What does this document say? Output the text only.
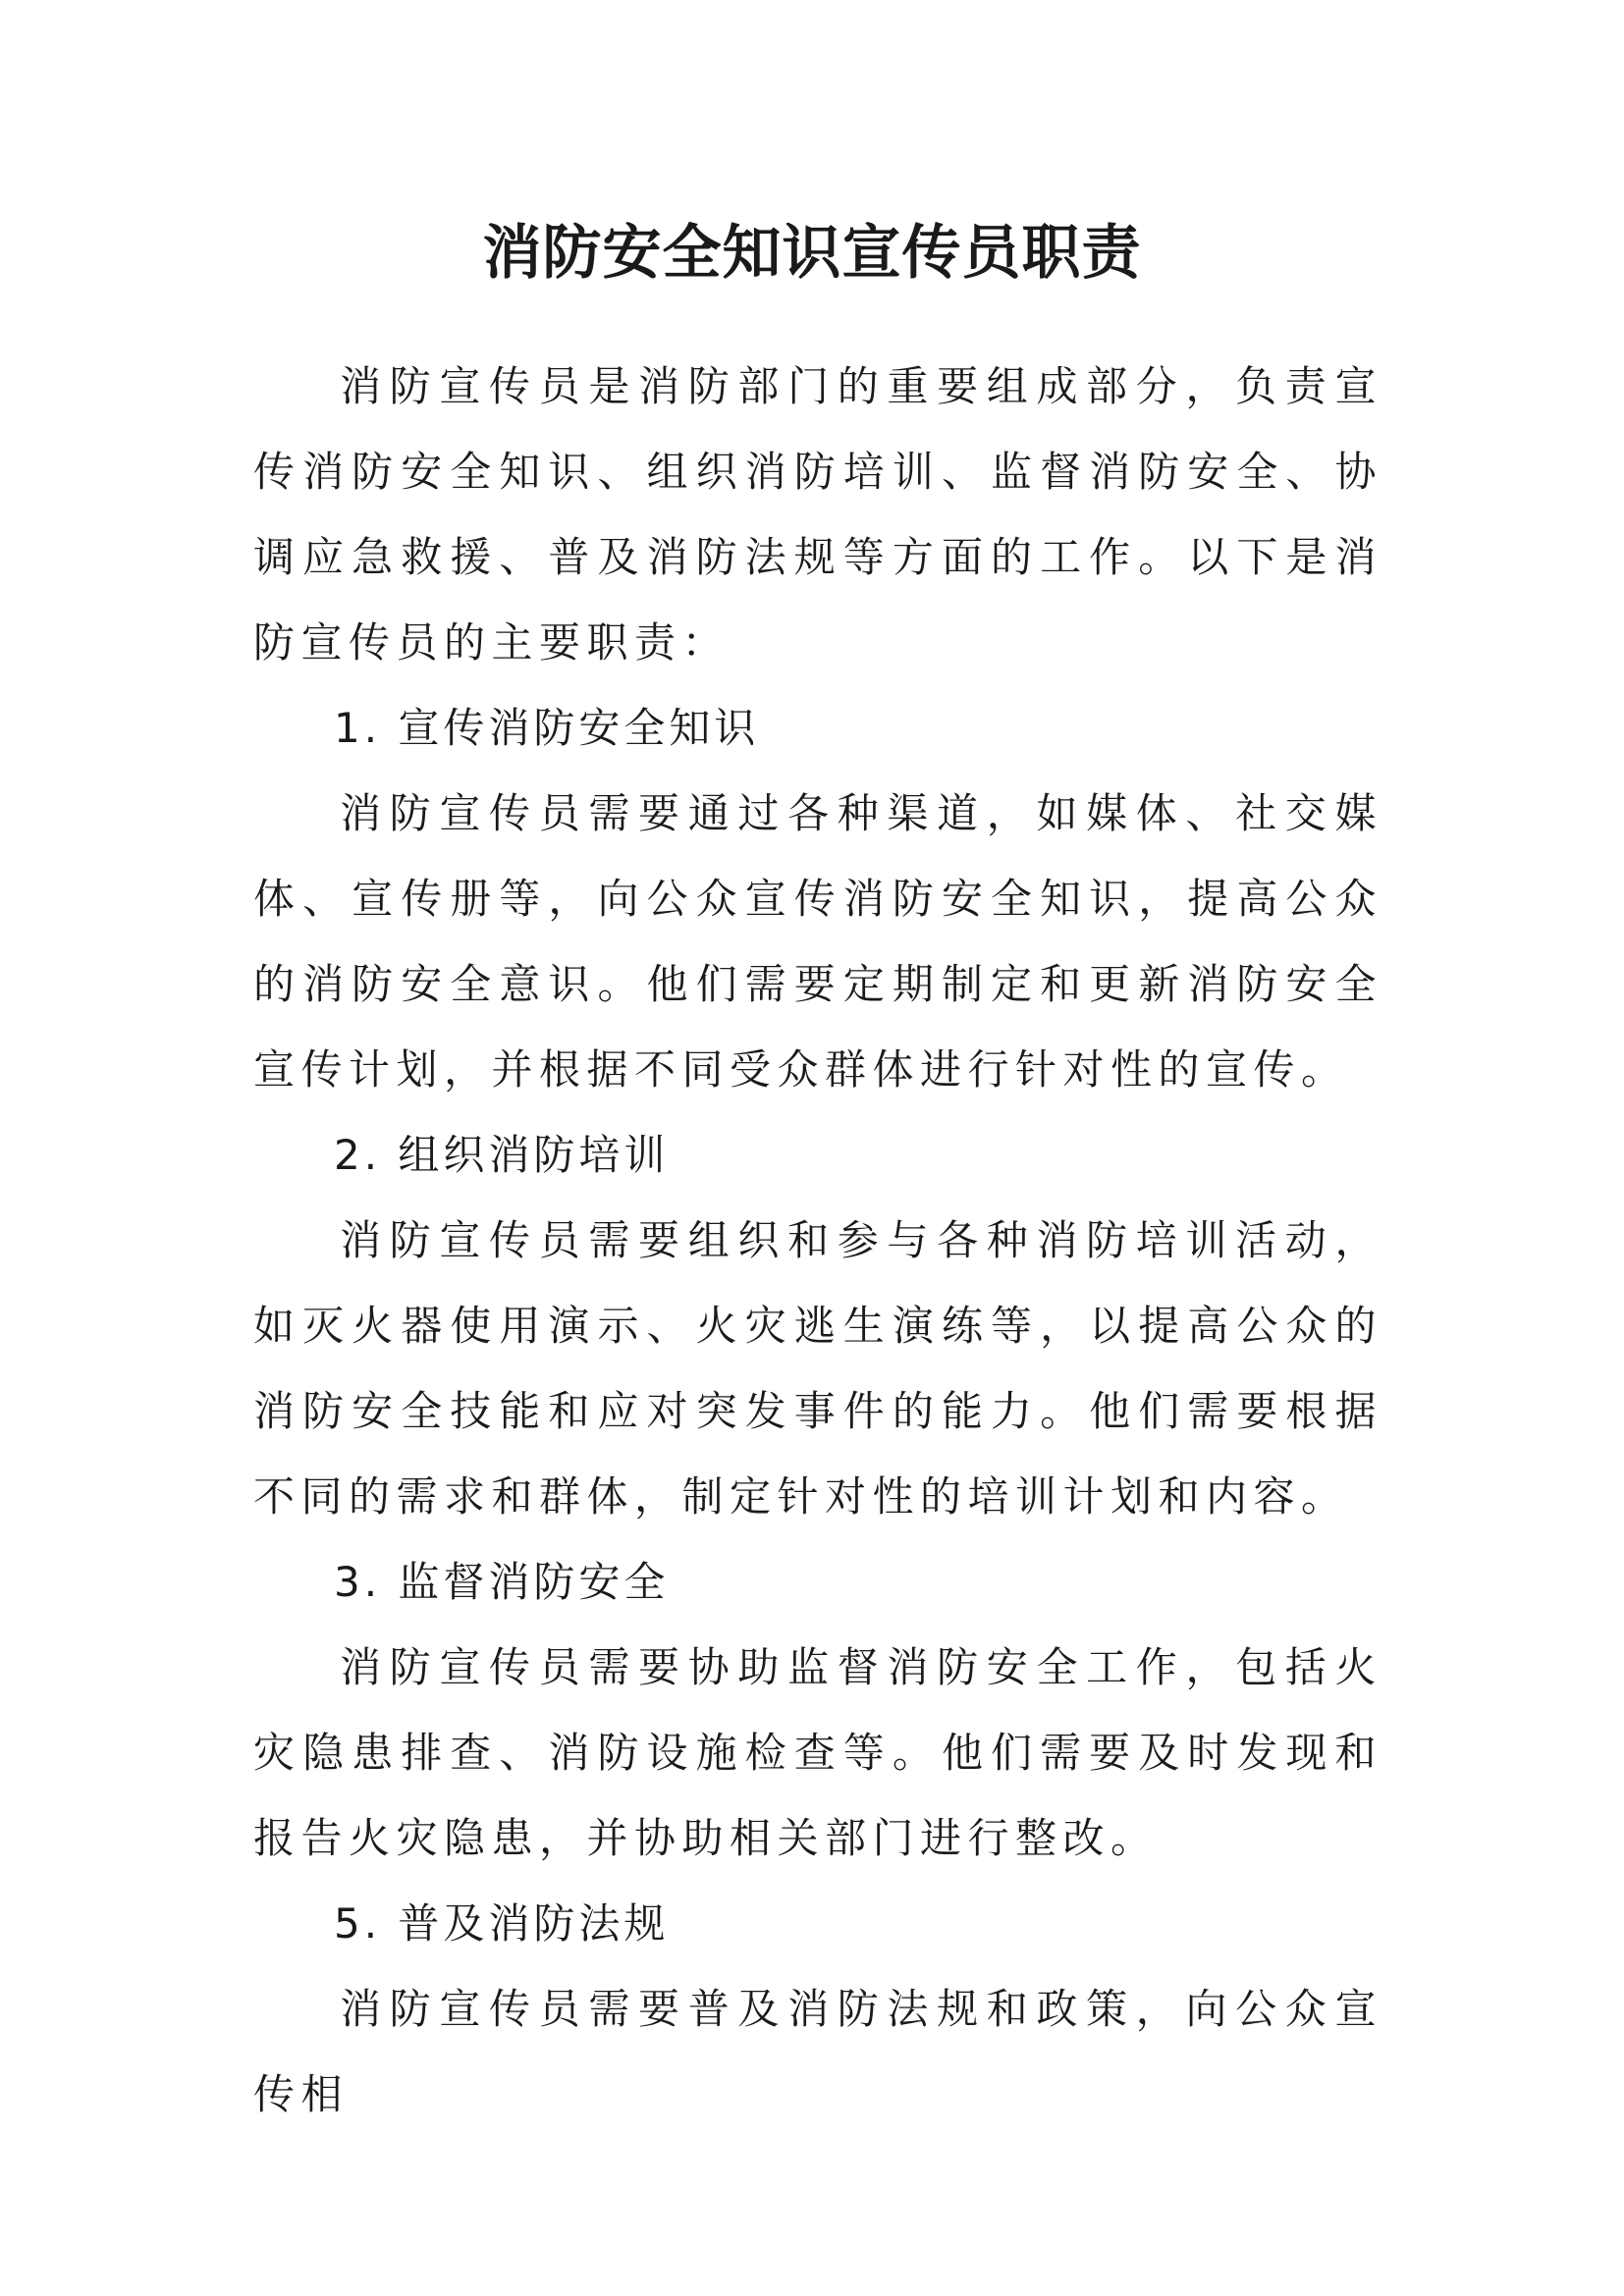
消防安全知识宣传员职责

消防宣传员是消防部门的重要组成部分，负责宣传消防安全知识、组织消防培训、监督消防安全、协调应急救援、普及消防法规等方面的工作。以下是消防宣传员的主要职责：

1. 宣传消防安全知识

消防宣传员需要通过各种渠道，如媒体、社交媒体、宣传册等，向公众宣传消防安全知识，提高公众的消防安全意识。他们需要定期制定和更新消防安全宣传计划，并根据不同受众群体进行针对性的宣传。

2. 组织消防培训

消防宣传员需要组织和参与各种消防培训活动，如灭火器使用演示、火灾逃生演练等，以提高公众的消防安全技能和应对突发事件的能力。他们需要根据不同的需求和群体，制定针对性的培训计划和内容。

3. 监督消防安全

消防宣传员需要协助监督消防安全工作，包括火灾隐患排查、消防设施检查等。他们需要及时发现和报告火灾隐患，并协助相关部门进行整改。

5. 普及消防法规

消防宣传员需要普及消防法规和政策，向公众宣传相
